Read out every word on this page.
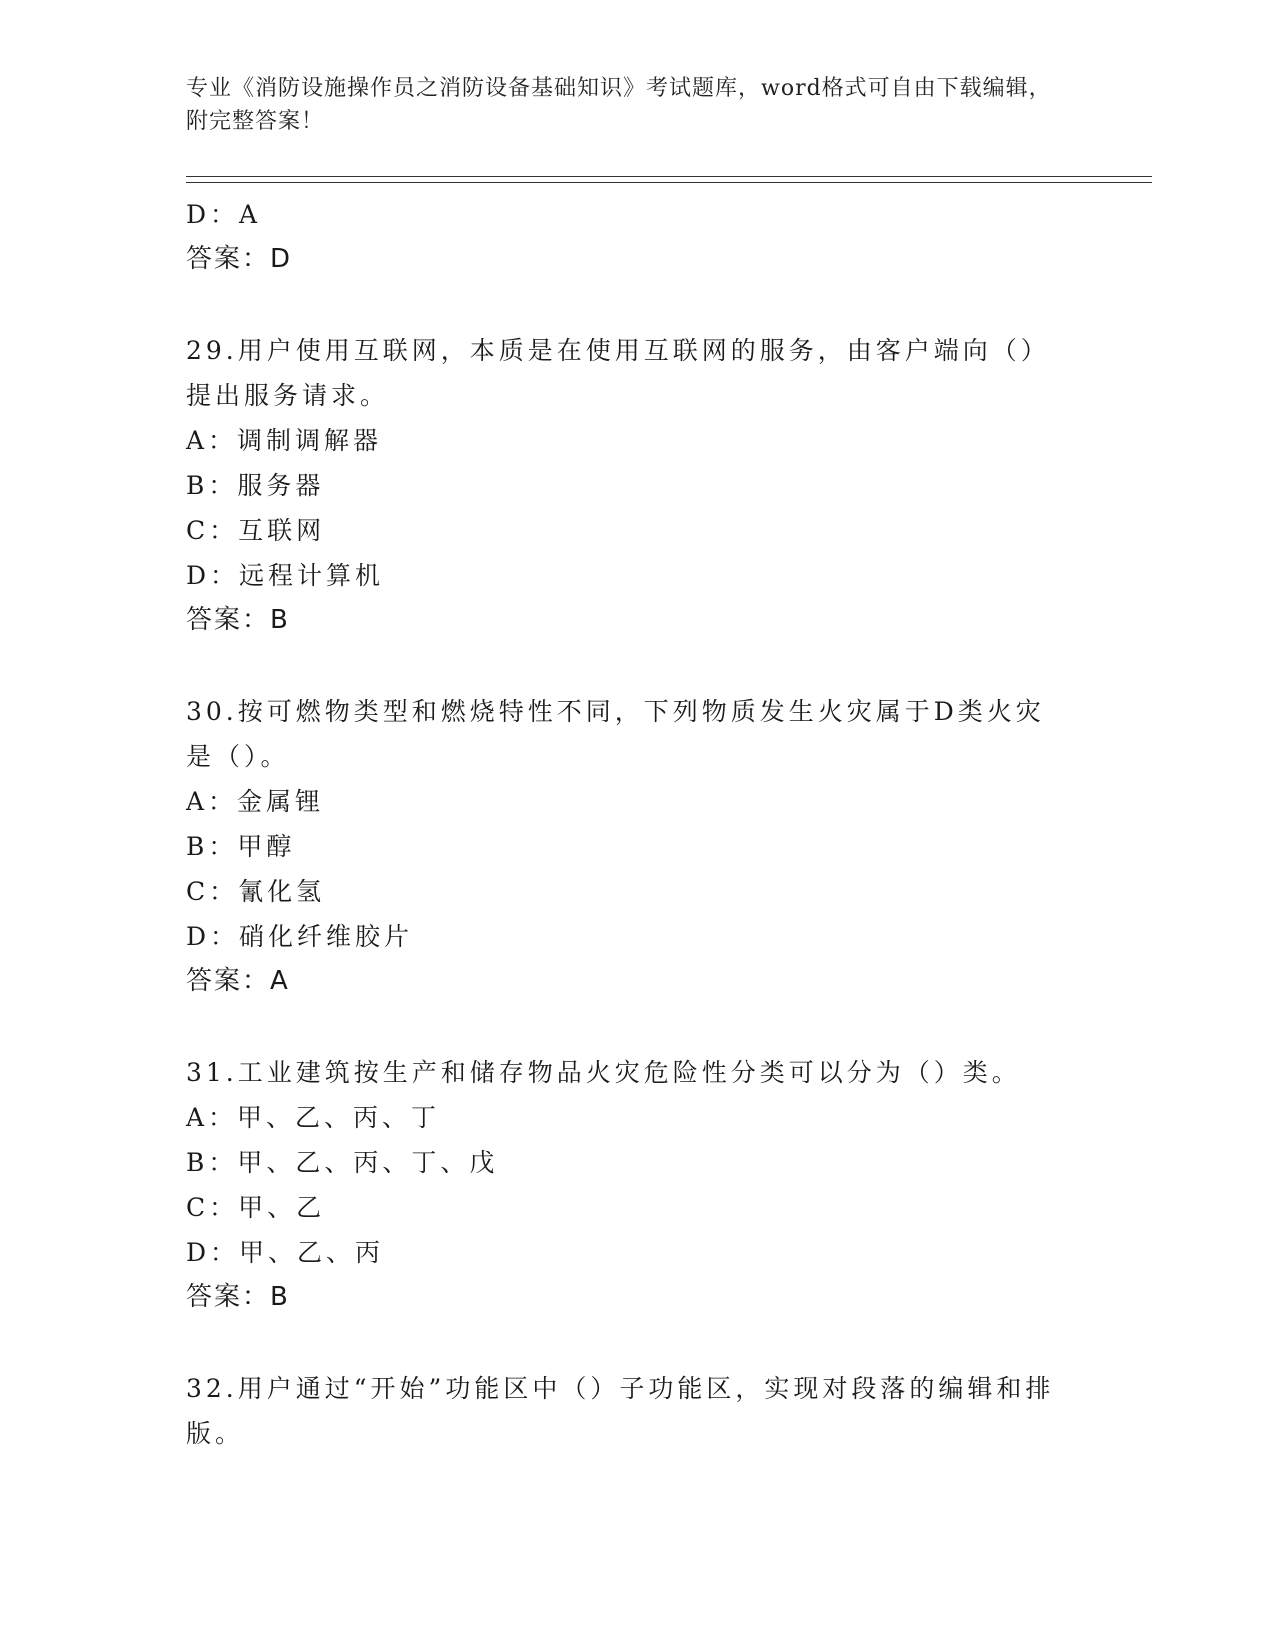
专业《消防设施操作员之消防设备基础知识》考试题库，word格式可自由下载编辑，附完整答案！
D：A
答案：D
29.用户使用互联网，本质是在使用互联网的服务，由客户端向（）提出服务请求。
A：调制调解器
B：服务器
C：互联网
D：远程计算机
答案：B
30.按可燃物类型和燃烧特性不同，下列物质发生火灾属于D类火灾是（）。
A：金属锂
B：甲醇
C：氰化氢
D：硝化纤维胶片
答案：A
31.工业建筑按生产和储存物品火灾危险性分类可以分为（）类。
A：甲、乙、丙、丁
B：甲、乙、丙、丁、戊
C：甲、乙
D：甲、乙、丙
答案：B
32.用户通过“开始”功能区中（）子功能区，实现对段落的编辑和排版。
